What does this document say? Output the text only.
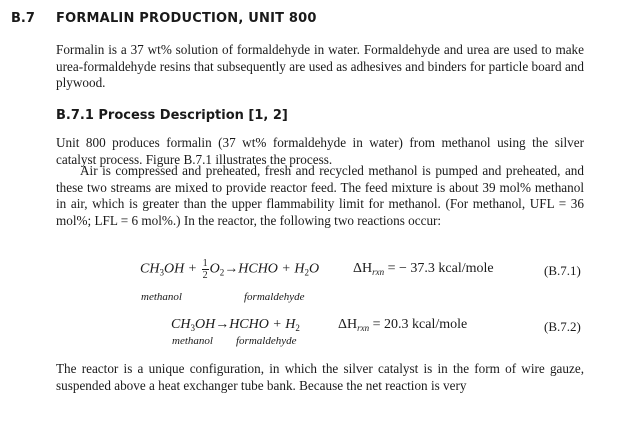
B.7 FORMALIN PRODUCTION, UNIT 800
Formalin is a 37 wt% solution of formaldehyde in water. Formaldehyde and urea are used to make urea-formaldehyde resins that subsequently are used as adhesives and binders for particle board and plywood.
B.7.1 Process Description [1, 2]
Unit 800 produces formalin (37 wt% formaldehyde in water) from methanol using the silver catalyst process. Figure B.7.1 illustrates the process.
Air is compressed and preheated, fresh and recycled methanol is pumped and preheated, and these two streams are mixed to provide reactor feed. The feed mixture is about 39 mol% methanol in air, which is greater than the upper flammability limit for methanol. (For methanol, UFL = 36 mol%; LFL = 6 mol%.) In the reactor, the following two reactions occur:
$CH_3OH + \frac{1}{2}$ $O_2\to HCHO + H_2O$ $\Delta H_{rxn}$ = − 37.3 kcal/mole	(B.7.1)
methanol	formaldehyde
$CH_3OH\to HCHO + H_2$	$\Delta H_{rxn} = 20.3$ kcal/mole	(B.7.2)
methanol formaldehyde
The reactor is a unique configuration, in which the silver catalyst is in the form of wire gauze, suspended above a heat exchanger tube bank. Because the net reaction is very
